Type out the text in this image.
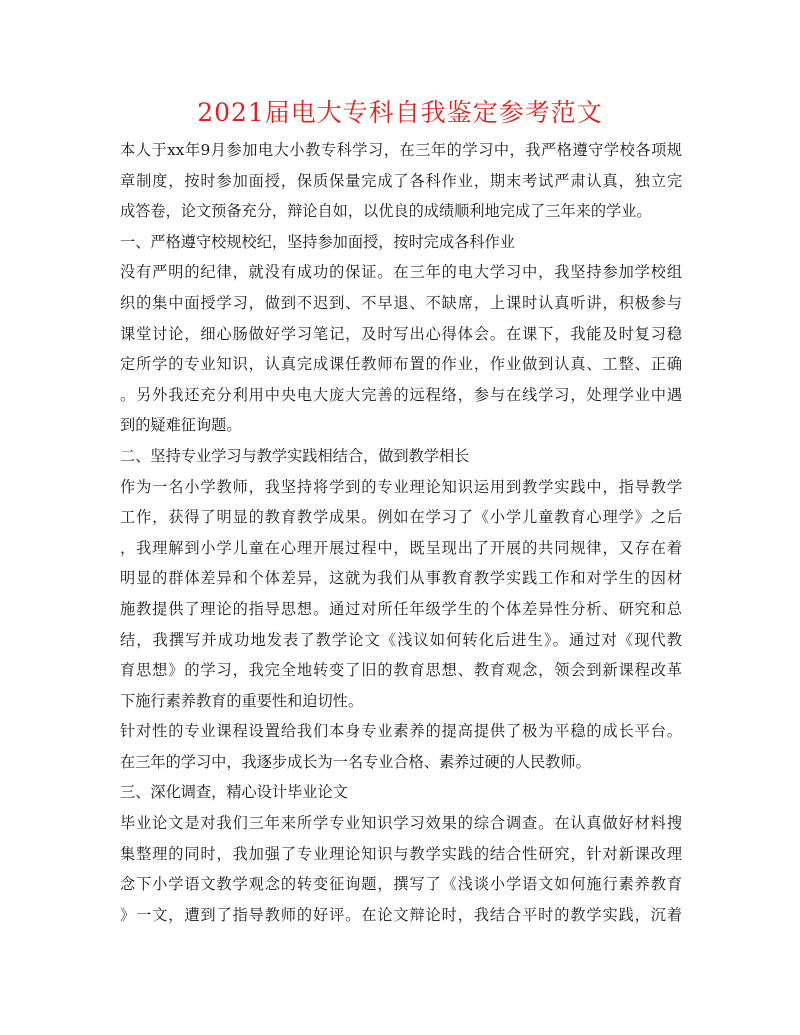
2021届电大专科自我鉴定参考范文
本人于xx年9月参加电大小教专科学习，在三年的学习中，我严格遵守学校各项规
章制度，按时参加面授，保质保量完成了各科作业，期末考试严肃认真，独立完
成答卷，论文预备充分，辩论自如，以优良的成绩顺利地完成了三年来的学业。
一、严格遵守校规校纪，坚持参加面授，按时完成各科作业
没有严明的纪律，就没有成功的保证。在三年的电大学习中，我坚持参加学校组
织的集中面授学习，做到不迟到、不早退、不缺席，上课时认真听讲，积极参与
课堂讨论，细心肠做好学习笔记，及时写出心得体会。在课下，我能及时复习稳
定所学的专业知识，认真完成课任教师布置的作业，作业做到认真、工整、正确
。另外我还充分利用中央电大庞大完善的远程络，参与在线学习，处理学业中遇
到的疑难征询题。
二、坚持专业学习与教学实践相结合，做到教学相长
作为一名小学教师，我坚持将学到的专业理论知识运用到教学实践中，指导教学
工作，获得了明显的教育教学成果。例如在学习了《小学儿童教育心理学》之后
，我理解到小学儿童在心理开展过程中，既呈现出了开展的共同规律，又存在着
明显的群体差异和个体差异，这就为我们从事教育教学实践工作和对学生的因材
施教提供了理论的指导思想。通过对所任年级学生的个体差异性分析、研究和总
结，我撰写并成功地发表了教学论文《浅议如何转化后进生》。通过对《现代教
育思想》的学习，我完全地转变了旧的教育思想、教育观念，领会到新课程改革
下施行素养教育的重要性和迫切性。
针对性的专业课程设置给我们本身专业素养的提高提供了极为平稳的成长平台。
在三年的学习中，我逐步成长为一名专业合格、素养过硬的人民教师。
三、深化调查，精心设计毕业论文
毕业论文是对我们三年来所学专业知识学习效果的综合调查。在认真做好材料搜
集整理的同时，我加强了专业理论知识与教学实践的结合性研究，针对新课改理
念下小学语文教学观念的转变征询题，撰写了《浅谈小学语文如何施行素养教育
》一文，遭到了指导教师的好评。在论文辩论时，我结合平时的教学实践，沉着
